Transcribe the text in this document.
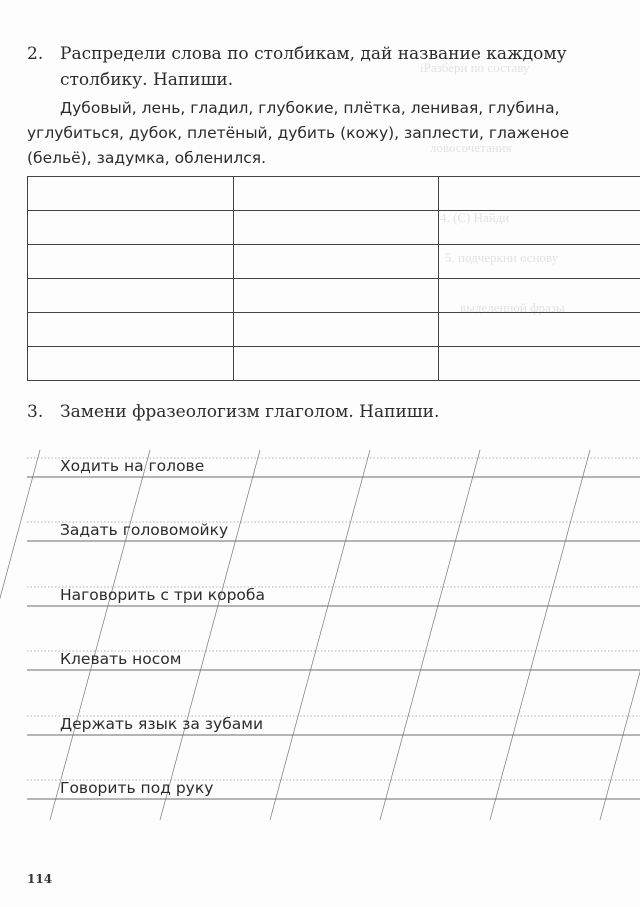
іРазбери по составу
ловосочетания
4. (С) Найди
5. подчеркни основу
выделенной фразы
2. Распредели слова по столбикам, дай название каждому
столбику. Напиши.
Дубовый, лень, гладил, глубокие, плётка, ленивая, глубина,
углубиться, дубок, плетёный, дубить (кожу), заплести, глаженое
(бельё), задумка, обленился.

3. Замени фразеологизм глаголом. Напиши.
Ходить на голове
Задать головомойку
Наговорить с три короба
Клевать носом
Держать язык за зубами
Говорить под руку
114
